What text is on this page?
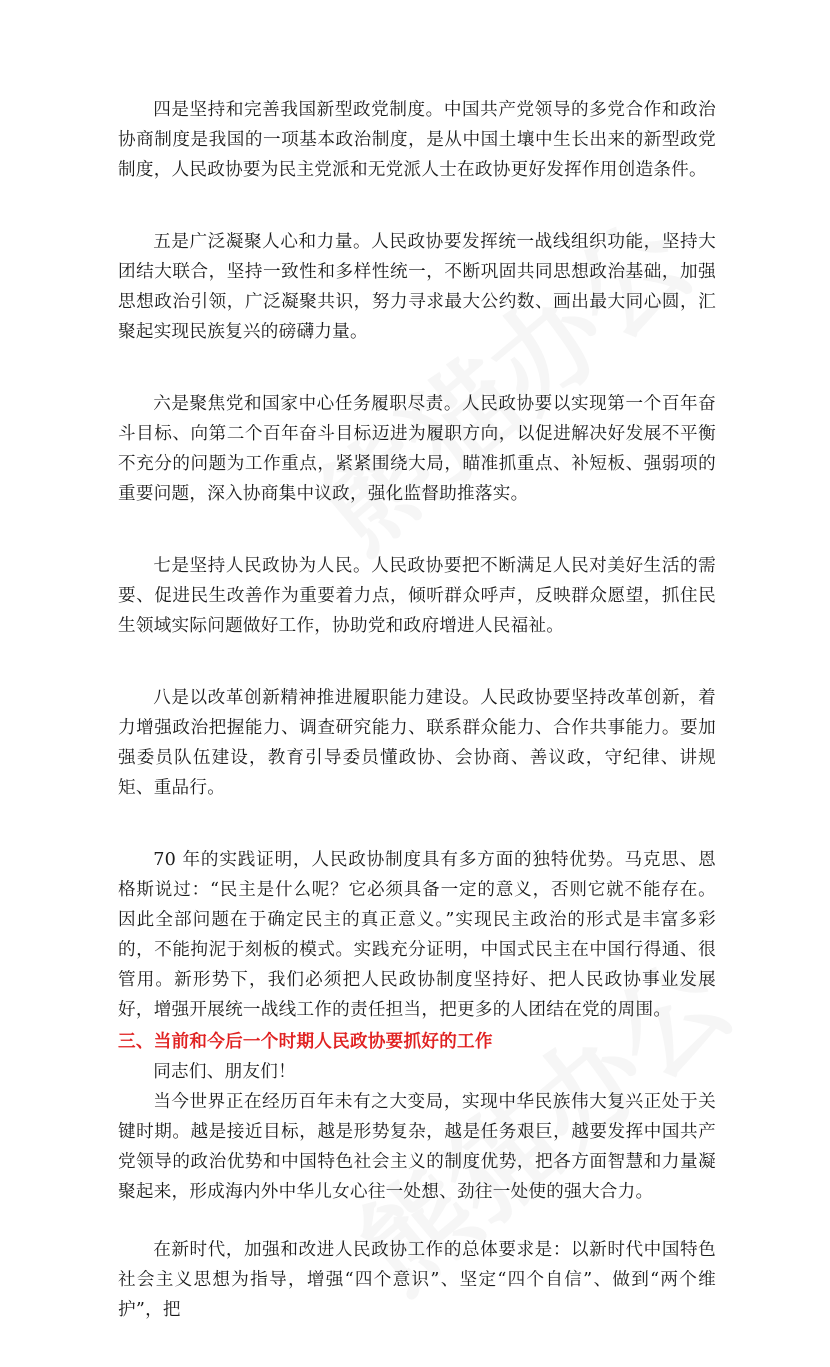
四是坚持和完善我国新型政党制度。中国共产党领导的多党合作和政治协商制度是我国的一项基本政治制度，是从中国土壤中生长出来的新型政党制度，人民政协要为民主党派和无党派人士在政协更好发挥作用创造条件。

五是广泛凝聚人心和力量。人民政协要发挥统一战线组织功能，坚持大团结大联合，坚持一致性和多样性统一，不断巩固共同思想政治基础，加强思想政治引领，广泛凝聚共识，努力寻求最大公约数、画出最大同心圆，汇聚起实现民族复兴的磅礴力量。

六是聚焦党和国家中心任务履职尽责。人民政协要以实现第一个百年奋斗目标、向第二个百年奋斗目标迈进为履职方向，以促进解决好发展不平衡不充分的问题为工作重点，紧紧围绕大局，瞄准抓重点、补短板、强弱项的重要问题，深入协商集中议政，强化监督助推落实。

七是坚持人民政协为人民。人民政协要把不断满足人民对美好生活的需要、促进民生改善作为重要着力点，倾听群众呼声，反映群众愿望，抓住民生领域实际问题做好工作，协助党和政府增进人民福祉。

八是以改革创新精神推进履职能力建设。人民政协要坚持改革创新，着力增强政治把握能力、调查研究能力、联系群众能力、合作共事能力。要加强委员队伍建设，教育引导委员懂政协、会协商、善议政，守纪律、讲规矩、重品行。

70 年的实践证明，人民政协制度具有多方面的独特优势。马克思、恩格斯说过：“民主是什么呢？它必须具备一定的意义，否则它就不能存在。因此全部问题在于确定民主的真正意义。”实现民主政治的形式是丰富多彩的，不能拘泥于刻板的模式。实践充分证明，中国式民主在中国行得通、很管用。新形势下，我们必须把人民政协制度坚持好、把人民政协事业发展好，增强开展统一战线工作的责任担当，把更多的人团结在党的周围。

三、当前和今后一个时期人民政协要抓好的工作

同志们、朋友们！

当今世界正在经历百年未有之大变局，实现中华民族伟大复兴正处于关键时期。越是接近目标，越是形势复杂，越是任务艰巨，越要发挥中国共产党领导的政治优势和中国特色社会主义的制度优势，把各方面智慧和力量凝聚起来，形成海内外中华儿女心往一处想、劲往一处使的强大合力。

在新时代，加强和改进人民政协工作的总体要求是：以新时代中国特色社会主义思想为指导，增强“四个意识”、坚定“四个自信”、做到“两个维护”，把
